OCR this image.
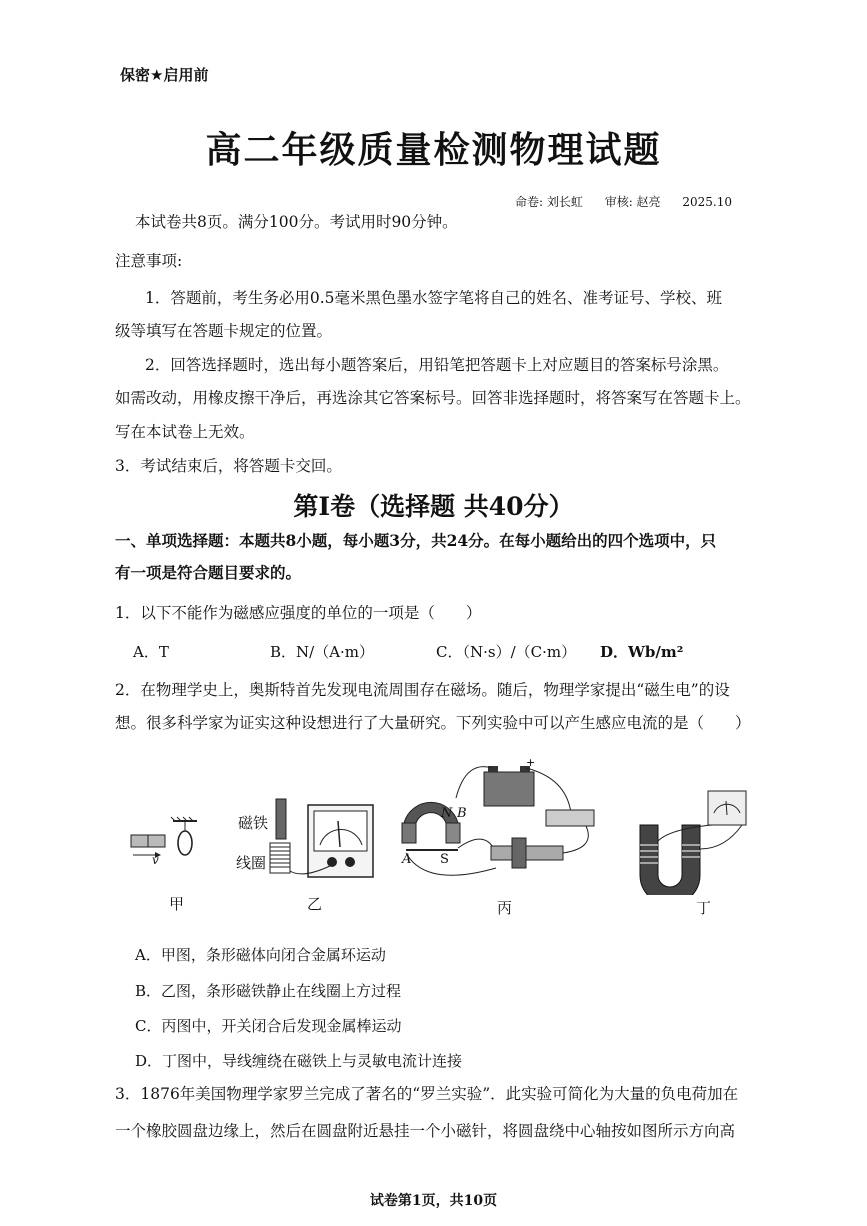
保密★启用前
高二年级质量检测物理试题
命卷: 刘长虹 审核: 赵亮 2025.10
本试卷共8页。满分100分。考试用时90分钟。
注意事项:
1．答题前，考生务必用0.5毫米黑色墨水签字笔将自己的姓名、准考证号、学校、班
级等填写在答题卡规定的位置。
2．回答选择题时，选出每小题答案后，用铅笔把答题卡上对应题目的答案标号涂黑。
如需改动，用橡皮擦干净后，再选涂其它答案标号。回答非选择题时，将答案写在答题卡上。
写在本试卷上无效。
3．考试结束后，将答题卡交回。
第Ⅰ卷（选择题 共40分）
一、单项选择题：本题共8小题，每小题3分，共24分。在每小题给出的四个选项中，只
有一项是符合题目要求的。
1．以下不能作为磁感应强度的单位的一项是（　　）
A．T	B．N/（A·m）	C．（N·s）/（C·m） D．Wb/m²
2．在物理学史上，奥斯特首先发现电流周围存在磁场。随后，物理学家提出“磁生电”的设
想。很多科学家为证实这种设想进行了大量研究。下列实验中可以产生感应电流的是（　　）
v
磁铁
线圈
+
N B
A S
甲	乙	丙	丁
A．甲图，条形磁体向闭合金属环运动
B．乙图，条形磁铁静止在线圈上方过程
C．丙图中，开关闭合后发现金属棒运动
D．丁图中，导线缠绕在磁铁上与灵敏电流计连接
3．1876年美国物理学家罗兰完成了著名的“罗兰实验”．此实验可简化为大量的负电荷加在
一个橡胶圆盘边缘上，然后在圆盘附近悬挂一个小磁针，将圆盘绕中心轴按如图所示方向高
试卷第1页，共10页
